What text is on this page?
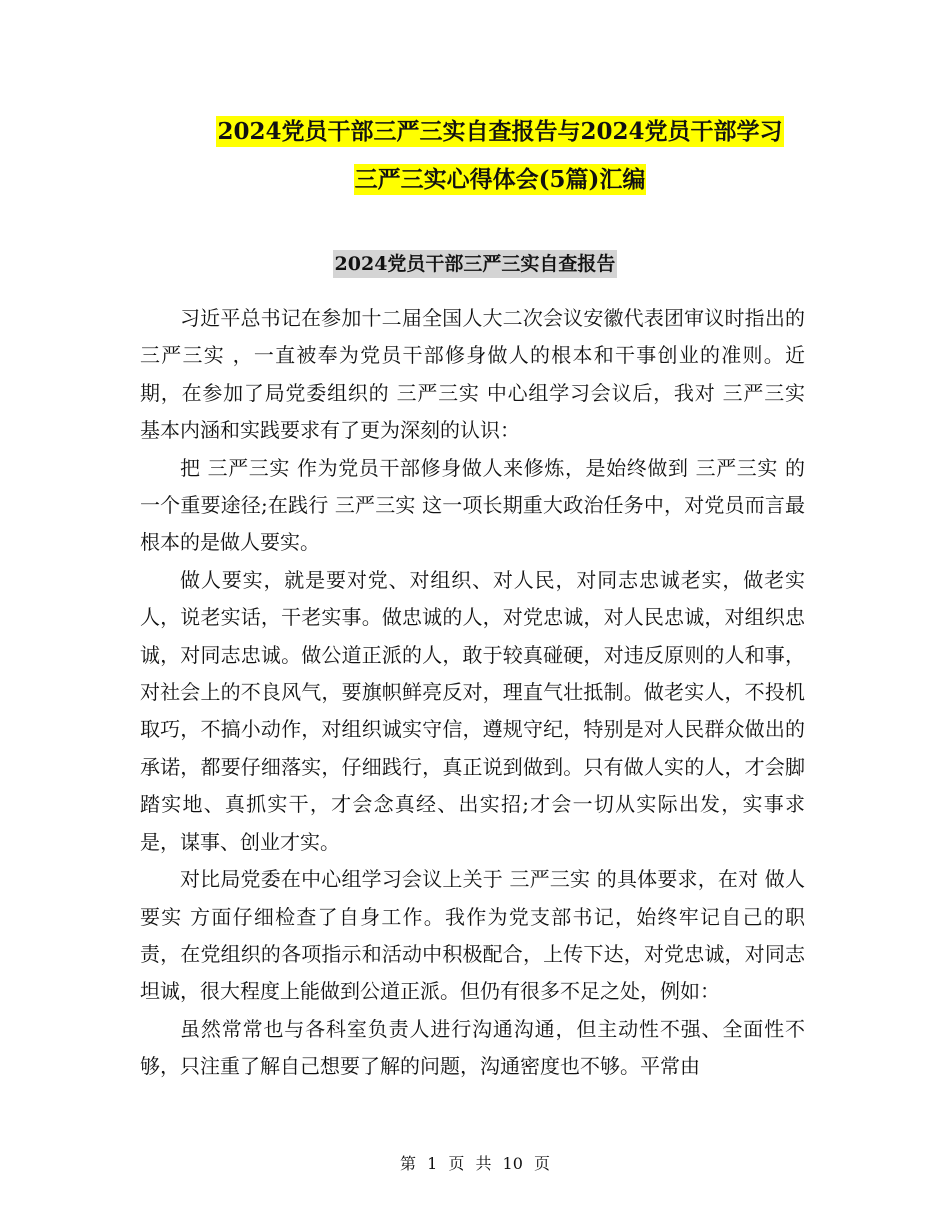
2024党员干部三严三实自查报告与2024党员干部学习
三严三实心得体会(5篇)汇编
2024党员干部三严三实自查报告

习近平总书记在参加十二届全国人大二次会议安徽代表团审议时指出的 三严三实 ，一直被奉为党员干部修身做人的根本和干事创业的准则。近期，在参加了局党委组织的 三严三实 中心组学习会议后，我对 三严三实 基本内涵和实践要求有了更为深刻的认识：

把 三严三实 作为党员干部修身做人来修炼，是始终做到 三严三实 的一个重要途径;在践行 三严三实 这一项长期重大政治任务中，对党员而言最根本的是做人要实。

做人要实，就是要对党、对组织、对人民，对同志忠诚老实，做老实人，说老实话，干老实事。做忠诚的人，对党忠诚，对人民忠诚，对组织忠诚，对同志忠诚。做公道正派的人，敢于较真碰硬，对违反原则的人和事，对社会上的不良风气，要旗帜鲜亮反对，理直气壮抵制。做老实人，不投机取巧，不搞小动作，对组织诚实守信，遵规守纪，特别是对人民群众做出的承诺，都要仔细落实，仔细践行，真正说到做到。只有做人实的人，才会脚踏实地、真抓实干，才会念真经、出实招;才会一切从实际出发，实事求是，谋事、创业才实。

对比局党委在中心组学习会议上关于 三严三实 的具体要求，在对 做人要实 方面仔细检查了自身工作。我作为党支部书记，始终牢记自己的职责，在党组织的各项指示和活动中积极配合，上传下达，对党忠诚，对同志坦诚，很大程度上能做到公道正派。但仍有很多不足之处，例如：

虽然常常也与各科室负责人进行沟通沟通，但主动性不强、全面性不够，只注重了解自己想要了解的问题，沟通密度也不够。平常由

第 1 页 共 10 页
